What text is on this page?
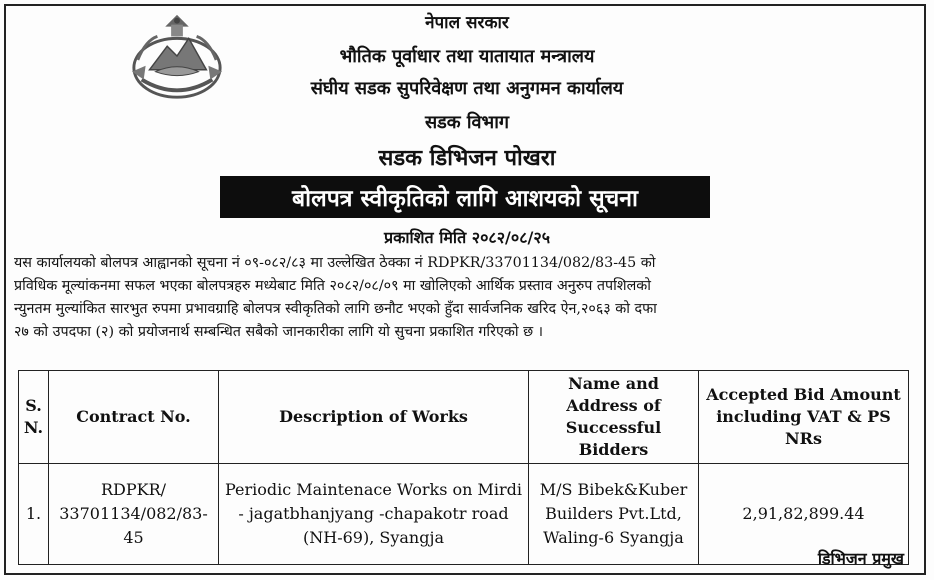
नेपाल सरकार
भौतिक पूर्वाधार तथा यातायात मन्त्रालय
संघीय सडक सुपरिवेक्षण तथा अनुगमन कार्यालय
सडक विभाग
सडक डिभिजन पोखरा
बोलपत्र स्वीकृतिको लागि आशयको सूचना
प्रकाशित मिति २०८२/०८/२५
यस कार्यालयको बोलपत्र आह्वानको सूचना नं ०९-०८२/८३ मा उल्लेखित ठेक्का नं RDPKR/33701134/082/83-45 को
प्रविधिक मूल्यांकनमा सफल भएका बोलपत्रहरु मध्येबाट मिति २०८२/०८/०९ मा खोलिएको आर्थिक प्रस्ताव अनुरुप तपशिलको
न्युनतम मुल्यांकित सारभुत रुपमा प्रभावग्राहि बोलपत्र स्वीकृतिको लागि छनौट भएको हुँदा सार्वजनिक खरिद ऐन,२०६३ को दफा
२७ को उपदफा (२) को प्रयोजनार्थ सम्बन्धित सबैको जानकारीका लागि यो सुचना प्रकाशित गरिएको छ ।
S. N.	Contract No.	Description of Works	Name and Address of Successful Bidders	Accepted Bid Amount including VAT & PS NRs
1.	RDPKR/ 33701134/082/83-45	Periodic Maintenace Works on Mirdi - jagatbhanjyang -chapakotr road (NH-69), Syangja	M/S Bibek&Kuber Builders Pvt.Ltd, Waling-6 Syangja	2,91,82,899.44
डिभिजन प्रमुख
